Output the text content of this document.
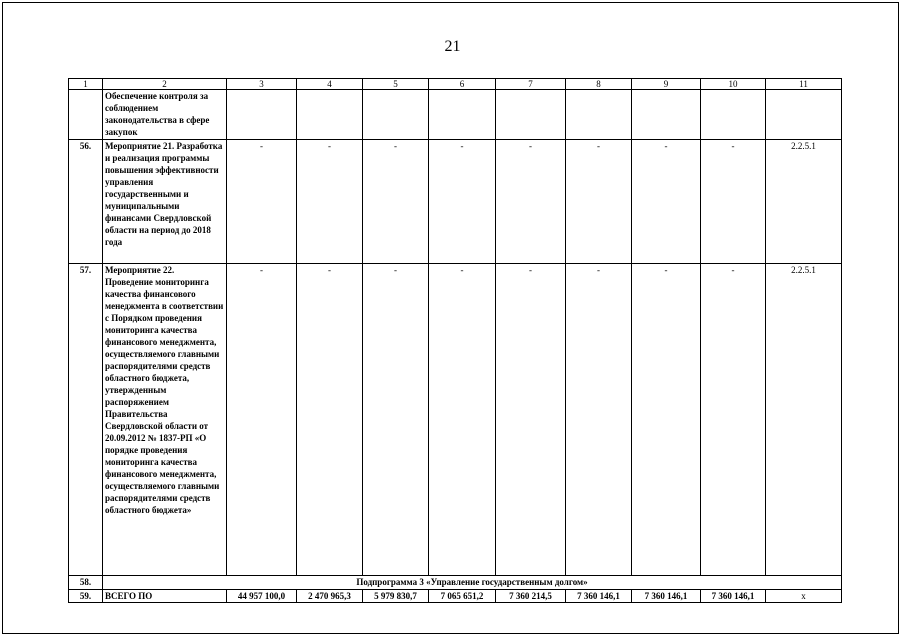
21
1	2	3	4	5	6	7	8	9	10	11
	Обеспечение контроля за соблюдением законодательства в сфере закупок									
56.	Мероприятие 21. Разработка и реализация программы повышения эффективности управления государственными и муниципальными финансами Свердловской области на период до 2018 года	-	-	-	-	-	-	-	-	2.2.5.1
57.	Мероприятие 22. Проведение мониторинга качества финансового менеджмента в соответствии с Порядком проведения мониторинга качества финансового менеджмента, осуществляемого главными распорядителями средств областного бюджета, утвержденным распоряжением Правительства Свердловской области от 20.09.2012 № 1837-РП «О порядке проведения мониторинга качества финансового менеджмента, осуществляемого главными распорядителями средств областного бюджета»	-	-	-	-	-	-	-	-	2.2.5.1
58.	Подпрограмма 3 «Управление государственным долгом»									
59.	ВСЕГО ПО	44 957 100,0	2 470 965,3	5 979 830,7	7 065 651,2	7 360 214,5	7 360 146,1	7 360 146,1	7 360 146,1	х
